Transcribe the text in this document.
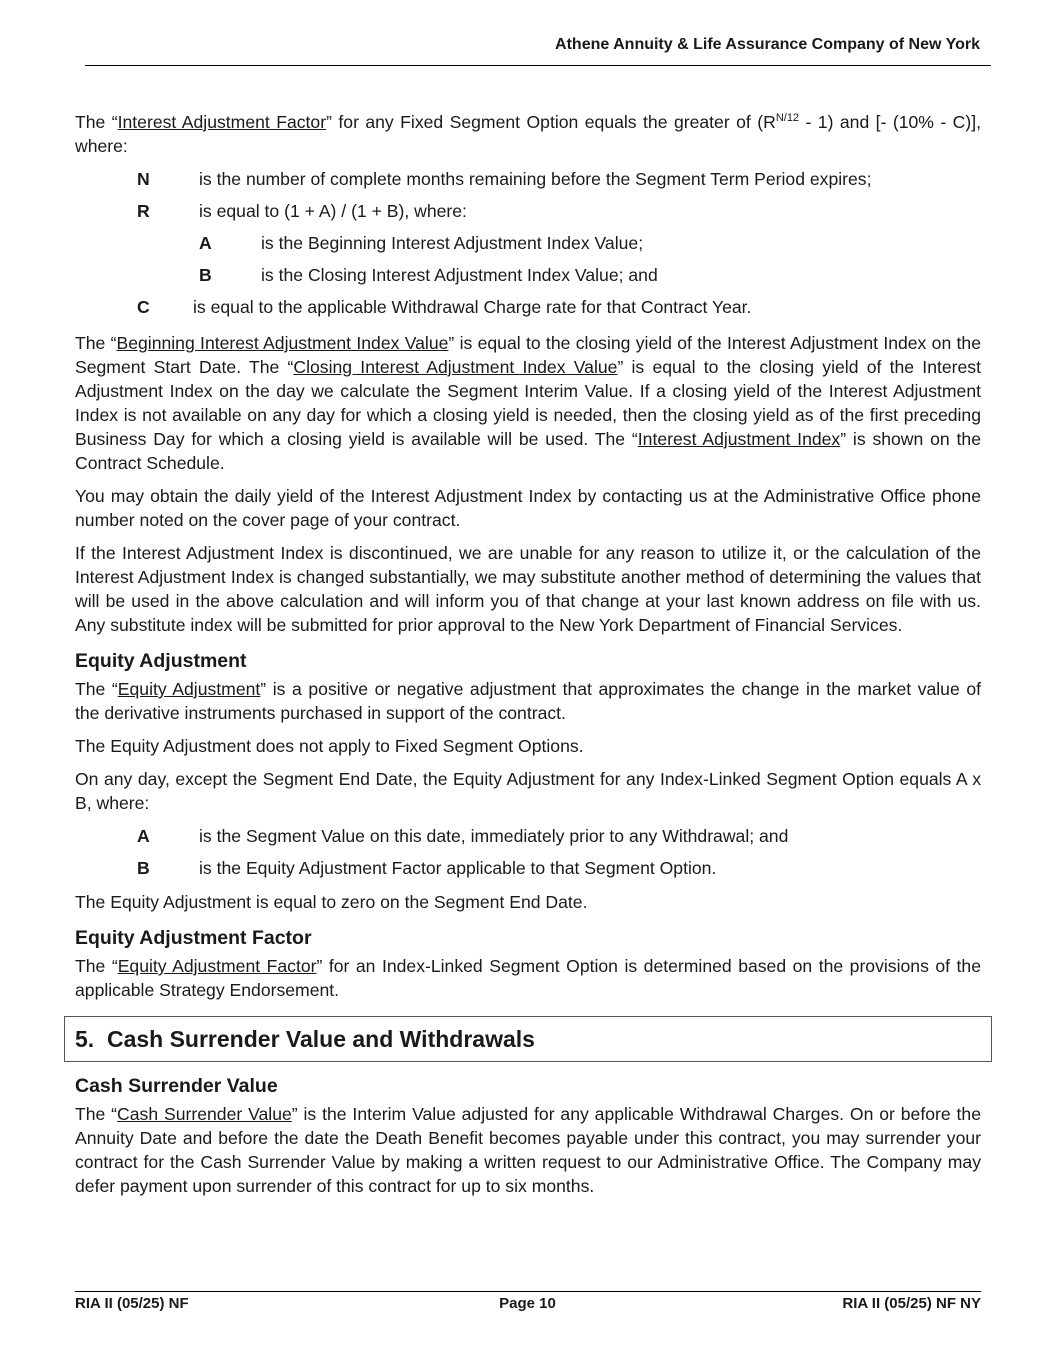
Athene Annuity & Life Assurance Company of New York

The “Interest Adjustment Factor” for any Fixed Segment Option equals the greater of $(R^{N/12} - 1)$ and [- (10% - C)], where:

N	is the number of complete months remaining before the Segment Term Period expires;
R	is equal to (1 + A) / (1 + B), where:
A	is the Beginning Interest Adjustment Index Value;
B	is the Closing Interest Adjustment Index Value; and
C	is equal to the applicable Withdrawal Charge rate for that Contract Year.

The “Beginning Interest Adjustment Index Value” is equal to the closing yield of the Interest Adjustment Index on the Segment Start Date. The “Closing Interest Adjustment Index Value” is equal to the closing yield of the Interest Adjustment Index on the day we calculate the Segment Interim Value. If a closing yield of the Interest Adjustment Index is not available on any day for which a closing yield is needed, then the closing yield as of the first preceding Business Day for which a closing yield is available will be used. The “Interest Adjustment Index” is shown on the Contract Schedule.

You may obtain the daily yield of the Interest Adjustment Index by contacting us at the Administrative Office phone number noted on the cover page of your contract.

If the Interest Adjustment Index is discontinued, we are unable for any reason to utilize it, or the calculation of the Interest Adjustment Index is changed substantially, we may substitute another method of determining the values that will be used in the above calculation and will inform you of that change at your last known address on file with us. Any substitute index will be submitted for prior approval to the New York Department of Financial Services.

Equity Adjustment

The “Equity Adjustment” is a positive or negative adjustment that approximates the change in the market value of the derivative instruments purchased in support of the contract.

The Equity Adjustment does not apply to Fixed Segment Options.

On any day, except the Segment End Date, the Equity Adjustment for any Index-Linked Segment Option equals A x B, where:

A	is the Segment Value on this date, immediately prior to any Withdrawal; and
B	is the Equity Adjustment Factor applicable to that Segment Option.

The Equity Adjustment is equal to zero on the Segment End Date.

Equity Adjustment Factor

The “Equity Adjustment Factor” for an Index-Linked Segment Option is determined based on the provisions of the applicable Strategy Endorsement.

5.  Cash Surrender Value and Withdrawals
Cash Surrender Value

The “Cash Surrender Value” is the Interim Value adjusted for any applicable Withdrawal Charges. On or before the Annuity Date and before the date the Death Benefit becomes payable under this contract, you may surrender your contract for the Cash Surrender Value by making a written request to our Administrative Office. The Company may defer payment upon surrender of this contract for up to six months.

RIA II (05/25) NF	Page 10	RIA II (05/25) NF NY
